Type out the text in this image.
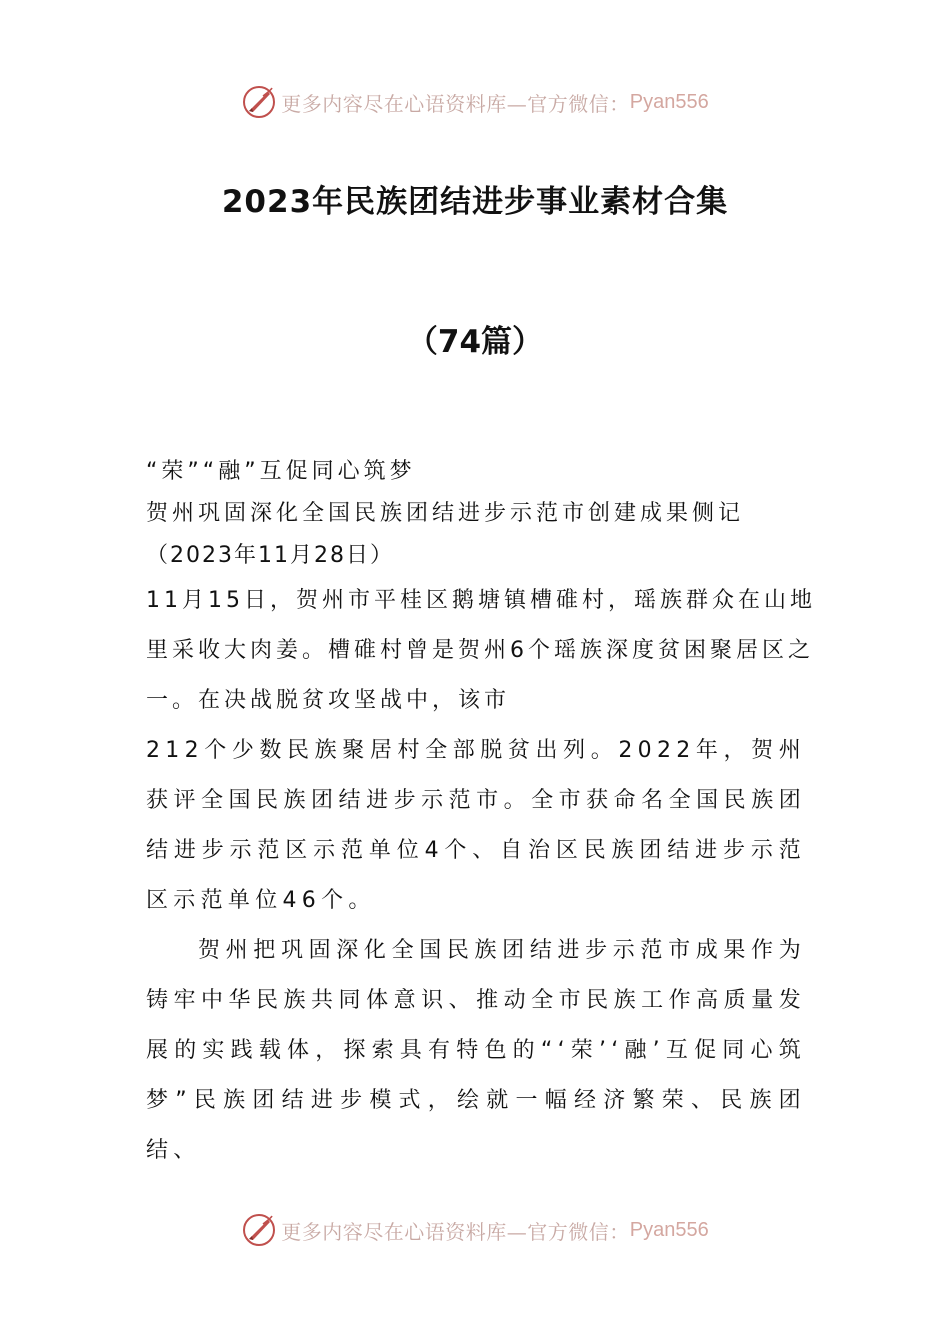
更多内容尽在心语资料库—官方微信： Pyan556
2023年民族团结进步事业素材合集
（74篇）
“荣”“融”互促同心筑梦
贺州巩固深化全国民族团结进步示范市创建成果侧记
（2023年11月28日）
11月15日，贺州市平桂区鹅塘镇槽碓村，瑶族群众在山地
里采收大肉姜。槽碓村曾是贺州6个瑶族深度贫困聚居区之
一。在决战脱贫攻坚战中，该市
212个少数民族聚居村全部脱贫出列。2022年，贺州获评全国民族团结进步示范市。全市获命名全国民族团结进步示范区示范单位4个、自治区民族团结进步示范区示范单位46个。
贺州把巩固深化全国民族团结进步示范市成果作为铸牢中华民族共同体意识、推动全市民族工作高质量发展的实践载体，探索具有特色的“‘荣’‘融’互促同心筑梦”民族团结进步模式，绘就一幅经济繁荣、民族团结、
更多内容尽在心语资料库—官方微信： Pyan556
